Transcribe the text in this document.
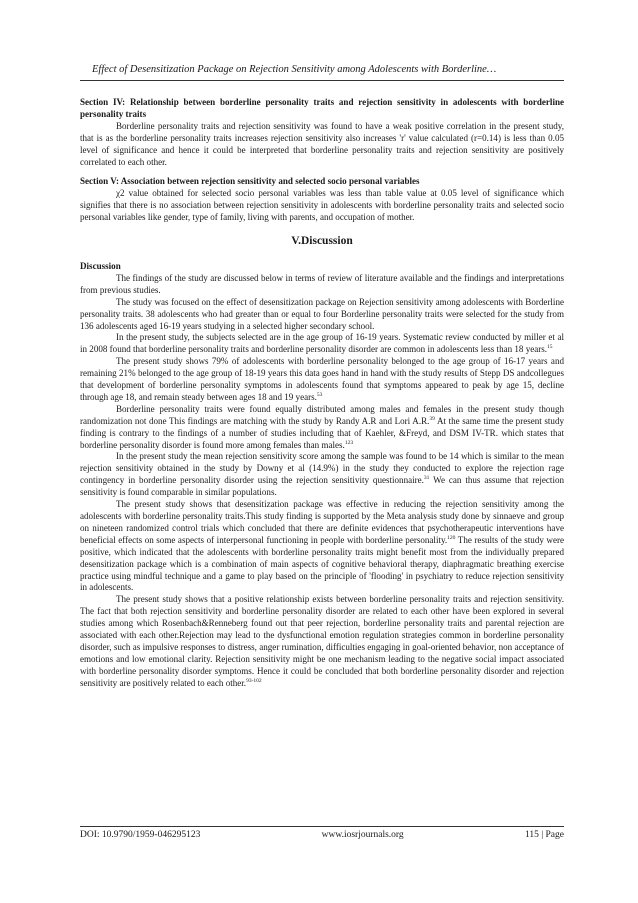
Effect of Desensitization Package on Rejection Sensitivity among Adolescents with Borderline…

Section IV: Relationship between borderline personality traits and rejection sensitivity in adolescents with borderline personality traits

Borderline personality traits and rejection sensitivity was found to have a weak positive correlation in the present study, that is as the borderline personality traits increases rejection sensitivity also increases 'r' value calculated (r=0.14) is less than 0.05 level of significance and hence it could be interpreted that borderline personality traits and rejection sensitivity are positively correlated to each other.

Section V: Association between rejection sensitivity and selected socio personal variables

χ2 value obtained for selected socio personal variables was less than table value at 0.05 level of significance which signifies that there is no association between rejection sensitivity in adolescents with borderline personality traits and selected socio personal variables like gender, type of family, living with parents, and occupation of mother.

V.Discussion

Discussion

The findings of the study are discussed below in terms of review of literature available and the findings and interpretations from previous studies.

The study was focused on the effect of desensitization package on Rejection sensitivity among adolescents with Borderline personality traits. 38 adolescents who had greater than or equal to four Borderline personality traits were selected for the study from 136 adolescents aged 16-19 years studying in a selected higher secondary school.

In the present study, the subjects selected are in the age group of 16-19 years. Systematic review conducted by miller et al in 2008 found that borderline personality traits and borderline personality disorder are common in adolescents less than 18 years.$^{15}$

The present study shows 79% of adolescents with borderline personality belonged to the age group of 16-17 years and remaining 21% belonged to the age group of 18-19 years this data goes hand in hand with the study results of Stepp DS andcollegues that development of borderline personality symptoms in adolescents found that symptoms appeared to peak by age 15, decline through age 18, and remain steady between ages 18 and 19 years.$^{53}$

Borderline personality traits were found equally distributed among males and females in the present study though randomization not done This findings are matching with the study by Randy A.R and Lori A.R.$^{39}$ At the same time the present study finding is contrary to the findings of a number of studies including that of Kaehler, &Freyd, and DSM IV-TR. which states that borderline personality disorder is found more among females than males.$^{123}$

In the present study the mean rejection sensitivity score among the sample was found to be 14 which is similar to the mean rejection sensitivity obtained in the study by Downy et al (14.9%) in the study they conducted to explore the rejection rage contingency in borderline personality disorder using the rejection sensitivity questionnaire.$^{31}$ We can thus assume that rejection sensitivity is found comparable in similar populations.

The present study shows that desensitization package was effective in reducing the rejection sensitivity among the adolescents with borderline personality traits.This study finding is supported by the Meta analysis study done by sinnaeve and group on nineteen randomized control trials which concluded that there are definite evidences that psychotherapeutic interventions have beneficial effects on some aspects of interpersonal functioning in people with borderline personality.$^{120}$ The results of the study were positive, which indicated that the adolescents with borderline personality traits might benefit most from the individually prepared desensitization package which is a combination of main aspects of cognitive behavioral therapy, diaphragmatic breathing exercise practice using mindful technique and a game to play based on the principle of 'flooding' in psychiatry to reduce rejection sensitivity in adolescents.

The present study shows that a positive relationship exists between borderline personality traits and rejection sensitivity. The fact that both rejection sensitivity and borderline personality disorder are related to each other have been explored in several studies among which Rosenbach&Renneberg found out that peer rejection, borderline personality traits and parental rejection are associated with each other.Rejection may lead to the dysfunctional emotion regulation strategies common in borderline personality disorder, such as impulsive responses to distress, anger rumination, difficulties engaging in goal-oriented behavior, non acceptance of emotions and low emotional clarity. Rejection sensitivity might be one mechanism leading to the negative social impact associated with borderline personality disorder symptoms. Hence it could be concluded that both borderline personality disorder and rejection sensitivity are positively related to each other.$^{93-102}$

DOI: 10.9790/1959-046295123	www.iosrjournals.org	115 | Page
